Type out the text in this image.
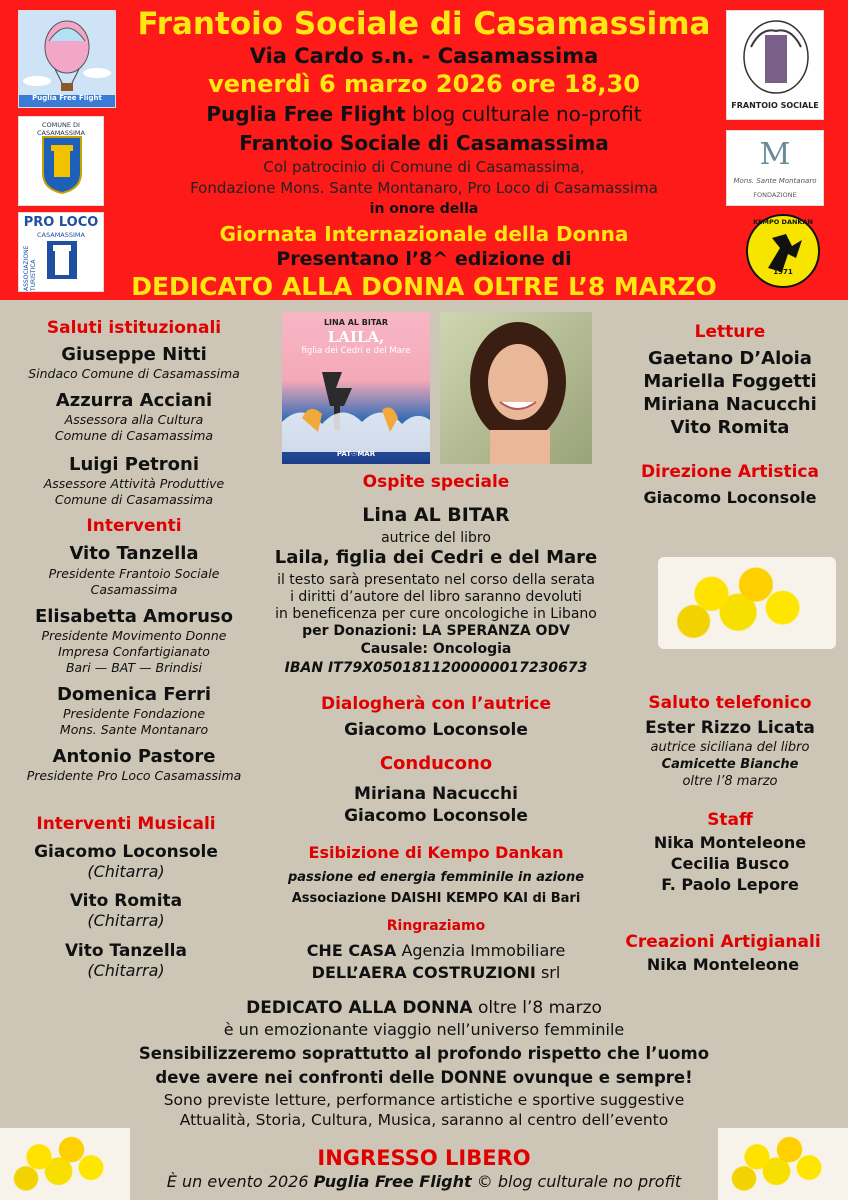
Frantoio Sociale di Casamassima
Via Cardo s.n. - Casamassima
venerdì 6 marzo 2026 ore 18,30
Puglia Free Flight blog culturale no-profit
Frantoio Sociale di Casamassima
Col patrocinio di Comune di Casamassima,
Fondazione Mons. Sante Montanaro, Pro Loco di Casamassima
in onore della
Giornata Internazionale della Donna
Presentano l’8^ edizione di
DEDICATO ALLA DONNA OLTRE L’8 MARZO
Puglia Free Flight
COMUNE DI CASAMASSIMA
PRO LOCO
CASAMASSIMA
ASSOCIAZIONE TURISTICA
FRANTOIO SOCIALE
M
Mons. Sante Montanaro
FONDAZIONE
KEMPO DANKAN
1971
Saluti istituzionali
Giuseppe Nitti
Sindaco Comune di Casamassima
Azzurra Acciani
Assessora alla Cultura
Comune di Casamassima
Luigi Petroni
Assessore Attività Produttive
Comune di Casamassima
Interventi
Vito Tanzella
Presidente Frantoio Sociale
Casamassima
Elisabetta Amoruso
Presidente Movimento Donne
Impresa Confartigianato
Bari — BAT — Brindisi
Domenica Ferri
Presidente Fondazione
Mons. Sante Montanaro
Antonio Pastore
Presidente Pro Loco Casamassima
Interventi Musicali
Giacomo Loconsole
(Chitarra)
Vito Romita
(Chitarra)
Vito Tanzella
(Chitarra)
LINA AL BITAR
LAILA,
figlia dei Cedri e del Mare
PAT☉MAR
Ospite speciale
Lina AL BITAR
autrice del libro
Laila, figlia dei Cedri e del Mare
il testo sarà presentato nel corso della serata
i diritti d’autore del libro saranno devoluti
in beneficenza per cure oncologiche in Libano
per Donazioni: LA SPERANZA ODV
Causale: Oncologia
IBAN IT79X0501811200000017230673
Dialogherà con l’autrice
Giacomo Loconsole
Conducono
Miriana Nacucchi
Giacomo Loconsole
Esibizione di Kempo Dankan
passione ed energia femminile in azione
Associazione DAISHI KEMPO KAI di Bari
Ringraziamo
CHE CASA Agenzia Immobiliare
DELL’AERA COSTRUZIONI srl
Letture
Gaetano D’Aloia
Mariella Foggetti
Miriana Nacucchi
Vito Romita
Direzione Artistica
Giacomo Loconsole
Saluto telefonico
Ester Rizzo Licata
autrice siciliana del libro
Camicette Bianche
oltre l’8 marzo
Staff
Nika Monteleone
Cecilia Busco
F. Paolo Lepore
Creazioni Artigianali
Nika Monteleone
DEDICATO ALLA DONNA oltre l’8 marzo
è un emozionante viaggio nell’universo femminile
Sensibilizzeremo soprattutto al profondo rispetto che l’uomo
deve avere nei confronti delle DONNE ovunque e sempre!
Sono previste letture, performance artistiche e sportive suggestive
Attualità, Storia, Cultura, Musica, saranno al centro dell’evento
INGRESSO LIBERO
È un evento 2026 Puglia Free Flight © blog culturale no profit
